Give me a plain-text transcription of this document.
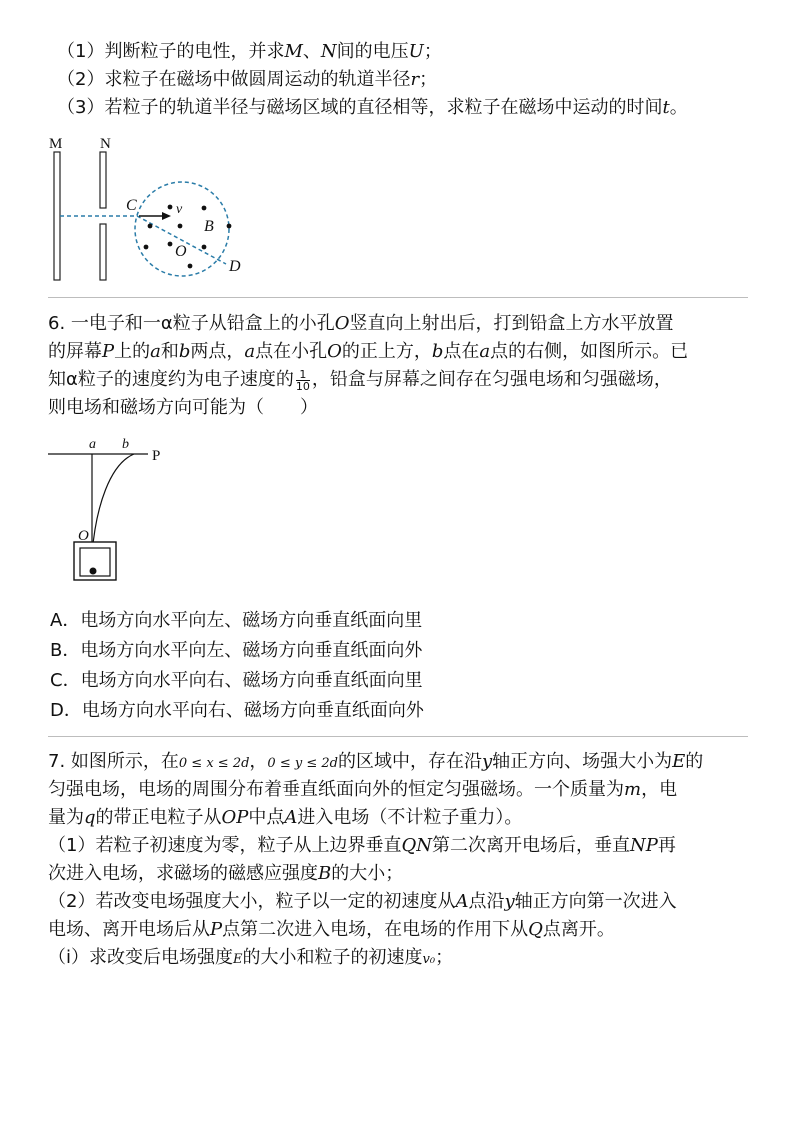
（1）判断粒子的电性，并求M、N间的电压U；
（2）求粒子在磁场中做圆周运动的轨道半径r；
（3）若粒子的轨道半径与磁场区域的直径相等，求粒子在磁场中运动的时间t。
M	N
C	v
B
O
D
6. 一电子和一α粒子从铅盒上的小孔O竖直向上射出后，打到铅盒上方水平放置
的屏幕P上的a和b两点，a点在小孔O的正上方，b点在a点的右侧，如图所示。已
知α粒子的速度约为电子速度的 $\frac{1}{10}$ ，铅盒与屏幕之间存在匀强电场和匀强磁场，
则电场和磁场方向可能为（　　）
a b
P
O
A．电场方向水平向左、磁场方向垂直纸面向里
B．电场方向水平向左、磁场方向垂直纸面向外
C．电场方向水平向右、磁场方向垂直纸面向里
D．电场方向水平向右、磁场方向垂直纸面向外
7. 如图所示，在0 ≤ x ≤ 2d，0 ≤ y ≤ 2d的区域中，存在沿y轴正方向、场强大小为E的
匀强电场，电场的周围分布着垂直纸面向外的恒定匀强磁场。一个质量为m，电
量为q的带正电粒子从OP中点A进入电场（不计粒子重力）。
（1）若粒子初速度为零，粒子从上边界垂直QN第二次离开电场后，垂直NP再
次进入电场，求磁场的磁感应强度B的大小；
（2）若改变电场强度大小，粒子以一定的初速度从A点沿y轴正方向第一次进入
电场、离开电场后从P点第二次进入电场，在电场的作用下从Q点离开。
（i）求改变后电场强度E的大小和粒子的初速度v₀；
